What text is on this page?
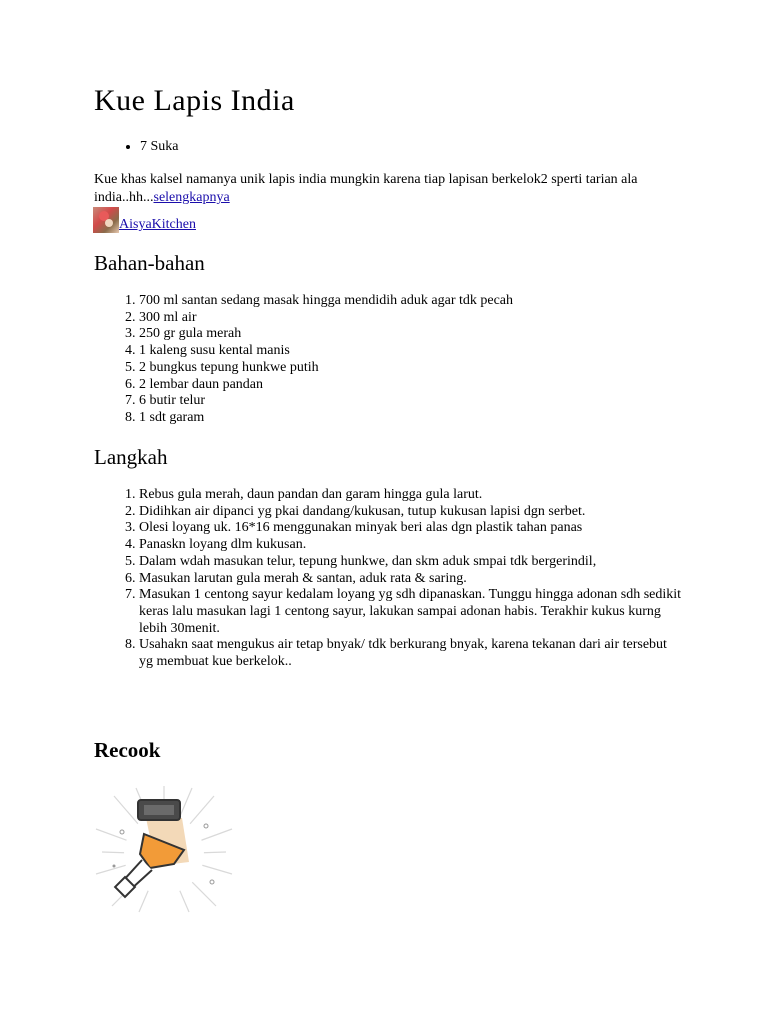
Kue Lapis India
• 7 Suka

Kue khas kalsel namanya unik lapis india mungkin karena tiap lapisan berkelok2 sperti tarian ala india..hh...selengkapnya

AisyaKitchen
Bahan-bahan
1. 700 ml santan sedang masak hingga mendidih aduk agar tdk pecah
2. 300 ml air
3. 250 gr gula merah
4. 1 kaleng susu kental manis
5. 2 bungkus tepung hunkwe putih
6. 2 lembar daun pandan
7. 6 butir telur
8. 1 sdt garam
Langkah
1. Rebus gula merah, daun pandan dan garam hingga gula larut.
2. Didihkan air dipanci yg pkai dandang/kukusan, tutup kukusan lapisi dgn serbet.
3. Olesi loyang uk. 16*16 menggunakan minyak beri alas dgn plastik tahan panas
4. Panaskn loyang dlm kukusan.
5. Dalam wdah masukan telur, tepung hunkwe, dan skm aduk smpai tdk bergerindil,
6. Masukan larutan gula merah & santan, aduk rata & saring.
7. Masukan 1 centong sayur kedalam loyang yg sdh dipanaskan. Tunggu hingga adonan sdh sedikit keras lalu masukan lagi 1 centong sayur, lakukan sampai adonan habis. Terakhir kukus kurng lebih 30menit.
8. Usahakn saat mengukus air tetap bnyak/ tdk berkurang bnyak, karena tekanan dari air tersebut yg membuat kue berkelok..
Recook
